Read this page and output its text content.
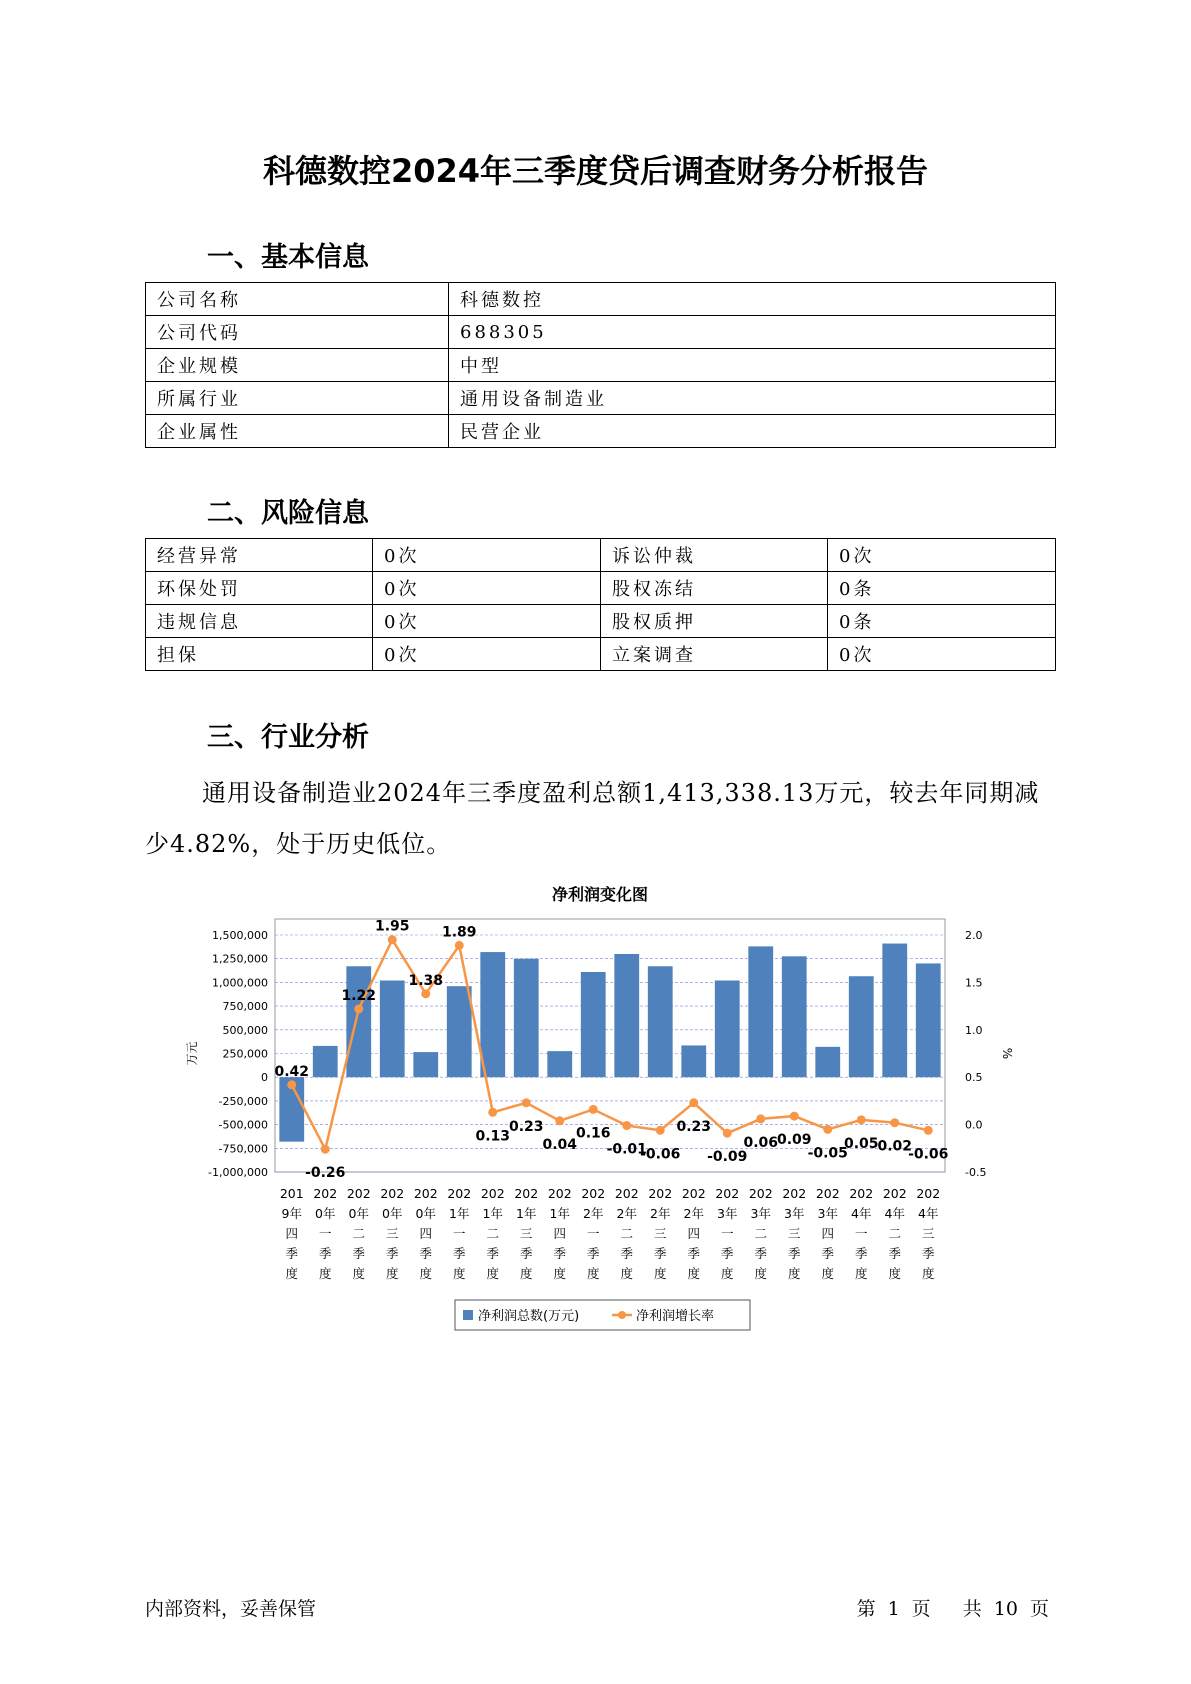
科德数控2024年三季度贷后调查财务分析报告
一、基本信息
公司名称	科德数控
公司代码	688305
企业规模	中型
所属行业	通用设备制造业
企业属性	民营企业
二、风险信息
经营异常	0次	诉讼仲裁	0次
环保处罚	0次	股权冻结	0条
违规信息	0次	股权质押	0条
担保	0次	立案调查	0次
三、行业分析
通用设备制造业2024年三季度盈利总额1,413,338.13万元，较去年同期减少4.82%，处于历史低位。
净利润变化图
1,500,000
1,250,000
1,000,000
750,000
500,000
250,000
0
-250,000
-500,000
-750,000
-1,000,000
2.0
1.5
1.0
0.5
0.0
-0.5
万元	%
0.42
-0.26
1.22
1.95
1.38
1.89
0.13
0.23
0.04
0.16
-0.01
-0.06
0.23
-0.09
0.06
0.09
-0.05
0.05
0.02
-0.06
201 9年四季度
202 0年一季度
202 0年二季度
202 0年三季度
202 0年四季度
202 1年一季度
202 1年二季度
202 1年三季度
202 1年四季度
202 2年一季度
202 2年二季度
202 2年三季度
202 2年四季度
202 3年一季度
202 3年二季度
202 3年三季度
202 3年四季度
202 4年一季度
202 4年二季度
202 4年三季度
净利润总数(万元)	净利润增长率
内部资料，妥善保管	第 1 页 共 10 页
